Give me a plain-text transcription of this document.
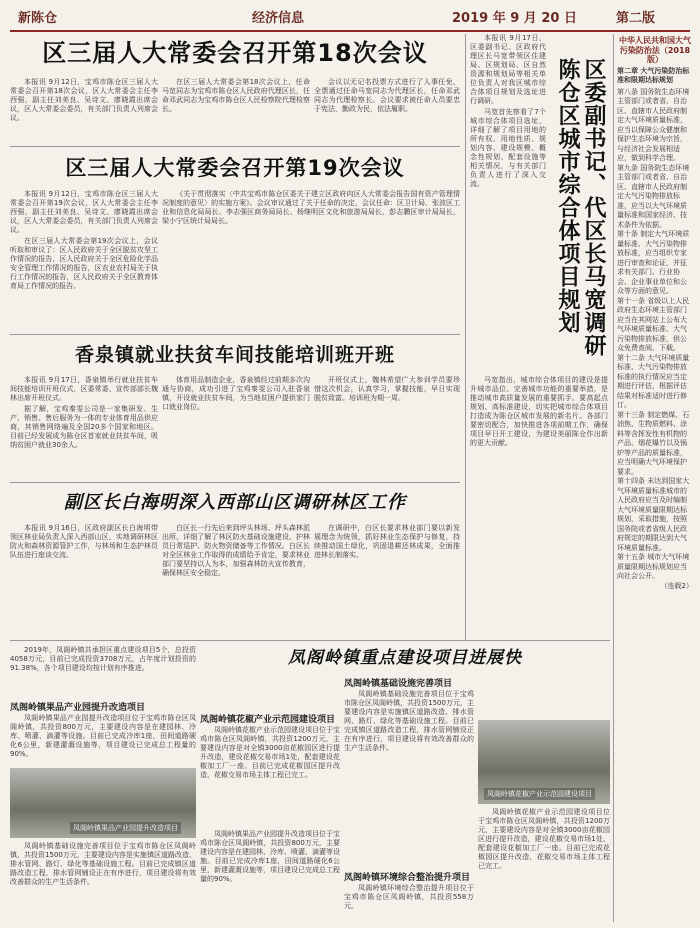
新陈仓	经济信息	2019 年 9 月 20 日	第二版
区三届人大常委会召开第18次会议

本报讯 9月12日，宝鸡市陈仓区三届人大常委会召开第18次会议，区人大常委会主任李西强，副主任刘美良、吴诗文、廖晓霞出席会议，区人大常委会委员，有关部门负责人列席会议。

在区三届人大常委会第18次会议上，任命马宽同志为宝鸡市陈仓区人民政府代理区长，任命邓武同志为宝鸡市陈仓区人民检察院代理检察长。

会议以无记名投票方式进行了人事任免，全票通过任命马宽同志为代理区长，任命邓武同志为代理检察长。会议要求被任命人员要忠于宪法，勤政为民，依法履职。

区三届人大常委会召开第19次会议

本报讯 9月12日，宝鸡市陈仓区三届人大常委会召开第19次会议，区人大常委会主任李西强，副主任刘美良、吴诗文、廖晓霞出席会议，区人大常委会委员，有关部门负责人列席会议。

在区三届人大常委会第19次会议上，会议听取和审议了：区人民政府关于全区脱贫攻坚工作情况的报告，区人民政府关于全区危险化学品安全管理工作情况的报告，区农业农村局关于执行工作情况的报告，区人民政府关于全区教育体育局工作情况的报告。

《关于贯彻落实〈中共宝鸡市陈仓区委关于建立区政府向区人大常委会报告国有资产管理情况制度的意见〉的实施方案》。会议审议通过了关于任命的决定，会议任命：区卫计局、张波区工业和信息化局局长、李志强区商务局局长、杨继明区文化和旅游局局长，彭志鹏区审计局局长，梁小宁区统计局局长。

香泉镇就业扶贫车间技能培训班开班

本报讯 9月17日，香泉镇举行就业扶贫车间技能培训开班仪式，区委常委、宣传部部长魏林出席开班仪式。

据了解，宝鸡秦雯公司是一家集研发、生产、销售、售后服务为一体的专业体育用品供应商，其销售网络遍及全国20多个国家和地区。目前已经发展成为陈仓区首家就业扶贫车间，吸纳贫困户就业30余人。

体育用品制造企业，香泉镇经过前期多次沟通与协商，成功引进了宝鸡秦雯公司入驻香泉镇，开设就业扶贫车间，为当地贫困户提供家门口就业岗位。

开班仪式上，魏林希望广大参训学员要珍惜这次机会，认真学习，掌握技能，早日实现脱贫致富。培训班为期一周。

副区长白海明深入西部山区调研林区工作

本报讯 9月16日，区政府副区长白海明带领区林业局负责人深入西部山区，实地调研林区防火和森林资源管护工作，与林场和生态护林员队伍进行座谈交流。

白区长一行先后来到坪头林场、坪头森林派出所，详细了解了林区防火基础设施建设、护林员日常巡护、防火物资储备等工作情况。白区长对全区林业工作取得的成绩给予肯定，要求林业部门要坚持以人为本，加强森林防火宣传教育，确保林区安全稳定。

在调研中，白区长要求林业部门要以新发展理念为统领，抓好林业生态保护与修复，持续推动国土绿化，巩固退耕还林成果，全面推进林长制落实。

区委副书记、代区长马宽调研陈仓区城市综合体项目规划

本报讯 9月17日，区委副书记、区政府代理区长马宽带领区住建局、区规划局、区自然资源和规划局等相关单位负责人对我区城市综合体项目规划及选址进行调研。

马宽首先察看了7个城市综合体项目选址，详细了解了项目用地的所有权、用地性质、规划内容、建设规模、概念性规划、配套设施等相关情况，与有关部门负责人进行了深入交流。

马宽指出，城市综合体项目的建设是提升城市品位、完善城市功能的重要举措，是推动城市高质量发展的重要抓手。要高起点规划、高标准建设，切实把城市综合体项目打造成为陈仓区城市发展的新名片。各部门要密切配合，加快推进各项前期工作，确保项目早日开工建设，为建设美丽陈仓作出新的更大贡献。

2019年，凤阁岭镇共承担区重点建设项目5个，总投资4058万元，目前已完成投资3708万元，占年度计划投资的91.38%，各个项目建设均按计划有序推进。	凤阁岭镇重点建设项目进展快
凤阁岭镇果品产业园提升改造项目

凤阁岭镇果品产业园提升改造项目位于宝鸡市陈仓区凤阁岭镇，共投资800万元，主要建设内容是在建园林、冷库、喷灌、滴灌等设施。目前已完成冷库1座，田间道路硬化6公里，新建灌溉设施等，项目建设已完成总工程量的90%。

凤阁岭镇果品产业园提升改造项目

凤阁岭镇基础设施完善项目位于宝鸡市陈仓区凤阁岭镇，共投资1500万元，主要建设内容是实施镇区道路改造、排水管网、路灯、绿化等基础设施工程。目前已完成镇区道路改造工程，排水管网铺设正在有序进行，项目建设将有效改善群众的生产生活条件。

凤阁岭镇花椒产业示范园建设项目

凤阁岭镇花椒产业示范园建设项目位于宝鸡市陈仓区凤阁岭镇，共投资1200万元，主要建设内容是对全镇3000亩花椒园区进行提升改造，建设花椒交易市场1处，配套建设花椒加工厂一座。目前已完成花椒园区提升改造，花椒交易市场主体工程已完工。

凤阁岭镇果品产业园提升改造项目位于宝鸡市陈仓区凤阁岭镇，共投资800万元，主要建设内容是在建园林、冷库、喷灌、滴灌等设施。目前已完成冷库1座，田间道路硬化6公里，新建灌溉设施等，项目建设已完成总工程量的90%。

凤阁岭镇基础设施完善项目

凤阁岭镇基础设施完善项目位于宝鸡市陈仓区凤阁岭镇，共投资1500万元，主要建设内容是实施镇区道路改造、排水管网、路灯、绿化等基础设施工程。目前已完成镇区道路改造工程，排水管网铺设正在有序进行，项目建设将有效改善群众的生产生活条件。

凤阁岭镇环境综合整治提升项目

凤阁岭镇环境综合整治提升项目位于宝鸡市陈仓区凤阁岭镇，共投资558万元。

凤阁岭镇花椒产业示范园建设项目

凤阁岭镇花椒产业示范园建设项目位于宝鸡市陈仓区凤阁岭镇，共投资1200万元，主要建设内容是对全镇3000亩花椒园区进行提升改造，建设花椒交易市场1处，配套建设花椒加工厂一座。目前已完成花椒园区提升改造，花椒交易市场主体工程已完工。

中华人民共和国大气污染防治法（2018版）
第二章 大气污染防治标准和限期达标规划
第八条 国务院生态环境主管部门或者省、自治区、直辖市人民政府制定大气环境质量标准，应当以保障公众健康和保护生态环境为宗旨，与经济社会发展相适应，做到科学合理。
第九条 国务院生态环境主管部门或者省、自治区、直辖市人民政府制定大气污染物排放标准，应当以大气环境质量标准和国家经济、技术条件为依据。
第十条 制定大气环境质量标准、大气污染物排放标准，应当组织专家进行审查和论证，并征求有关部门、行业协会、企业事业单位和公众等方面的意见。
第十一条 省级以上人民政府生态环境主管部门应当在其网站上公布大气环境质量标准、大气污染物排放标准，供公众免费查阅、下载。
第十二条 大气环境质量标准、大气污染物排放标准的执行情况应当定期进行评估，根据评估结果对标准适时进行修订。
第十三条 制定燃煤、石油焦、生物质燃料、涂料等含挥发性有机物的产品、烟花爆竹以及锅炉等产品的质量标准，应当明确大气环境保护要求。
第十四条 未达到国家大气环境质量标准城市的人民政府应当及时编制大气环境质量限期达标规划，采取措施，按照国务院或者省级人民政府规定的期限达到大气环境质量标准。
第十五条 城市大气环境质量限期达标规划应当向社会公开。
（连载2）
